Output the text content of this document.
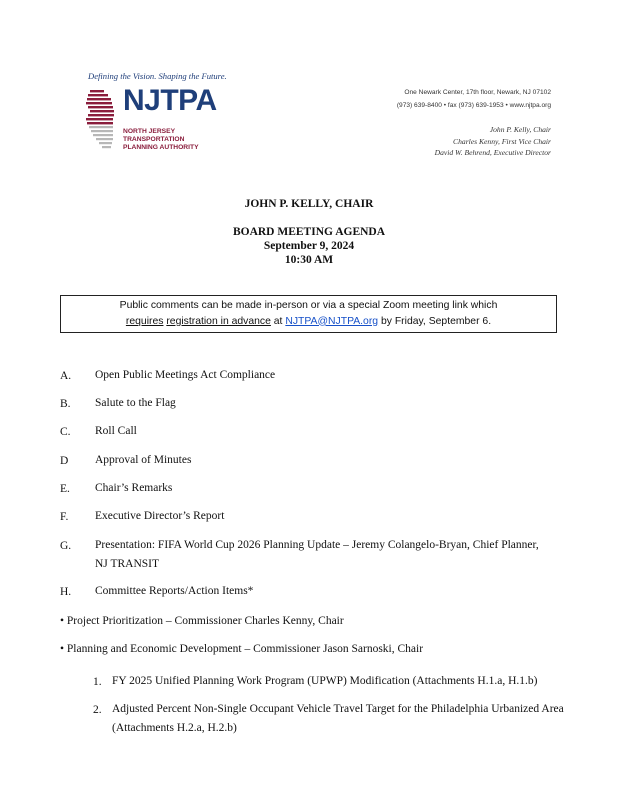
Defining the Vision. Shaping the Future.
NJTPA
NORTH JERSEY
TRANSPORTATION
PLANNING AUTHORITY
One Newark Center, 17th floor, Newark, NJ 07102
(973) 639-8400 • fax (973) 639-1953 • www.njtpa.org
John P. Kelly, Chair
Charles Kenny, First Vice Chair
David W. Behrend, Executive Director
JOHN P. KELLY, CHAIR
BOARD MEETING AGENDA
September 9, 2024
10:30 AM
Public comments can be made in-person or via a special Zoom meeting link which
requires registration in advance at NJTPA@NJTPA.org by Friday, September 6.
A. Open Public Meetings Act Compliance
B. Salute to the Flag
C. Roll Call
D Approval of Minutes
E. Chair’s Remarks
F. Executive Director’s Report
G. Presentation: FIFA World Cup 2026 Planning Update – Jeremy Colangelo-Bryan, Chief Planner,
NJ TRANSIT
H. Committee Reports/Action Items*
• Project Prioritization – Commissioner Charles Kenny, Chair
• Planning and Economic Development – Commissioner Jason Sarnoski, Chair
1. FY 2025 Unified Planning Work Program (UPWP) Modification (Attachments H.1.a, H.1.b)
2. Adjusted Percent Non-Single Occupant Vehicle Travel Target for the Philadelphia Urbanized Area
(Attachments H.2.a, H.2.b)
